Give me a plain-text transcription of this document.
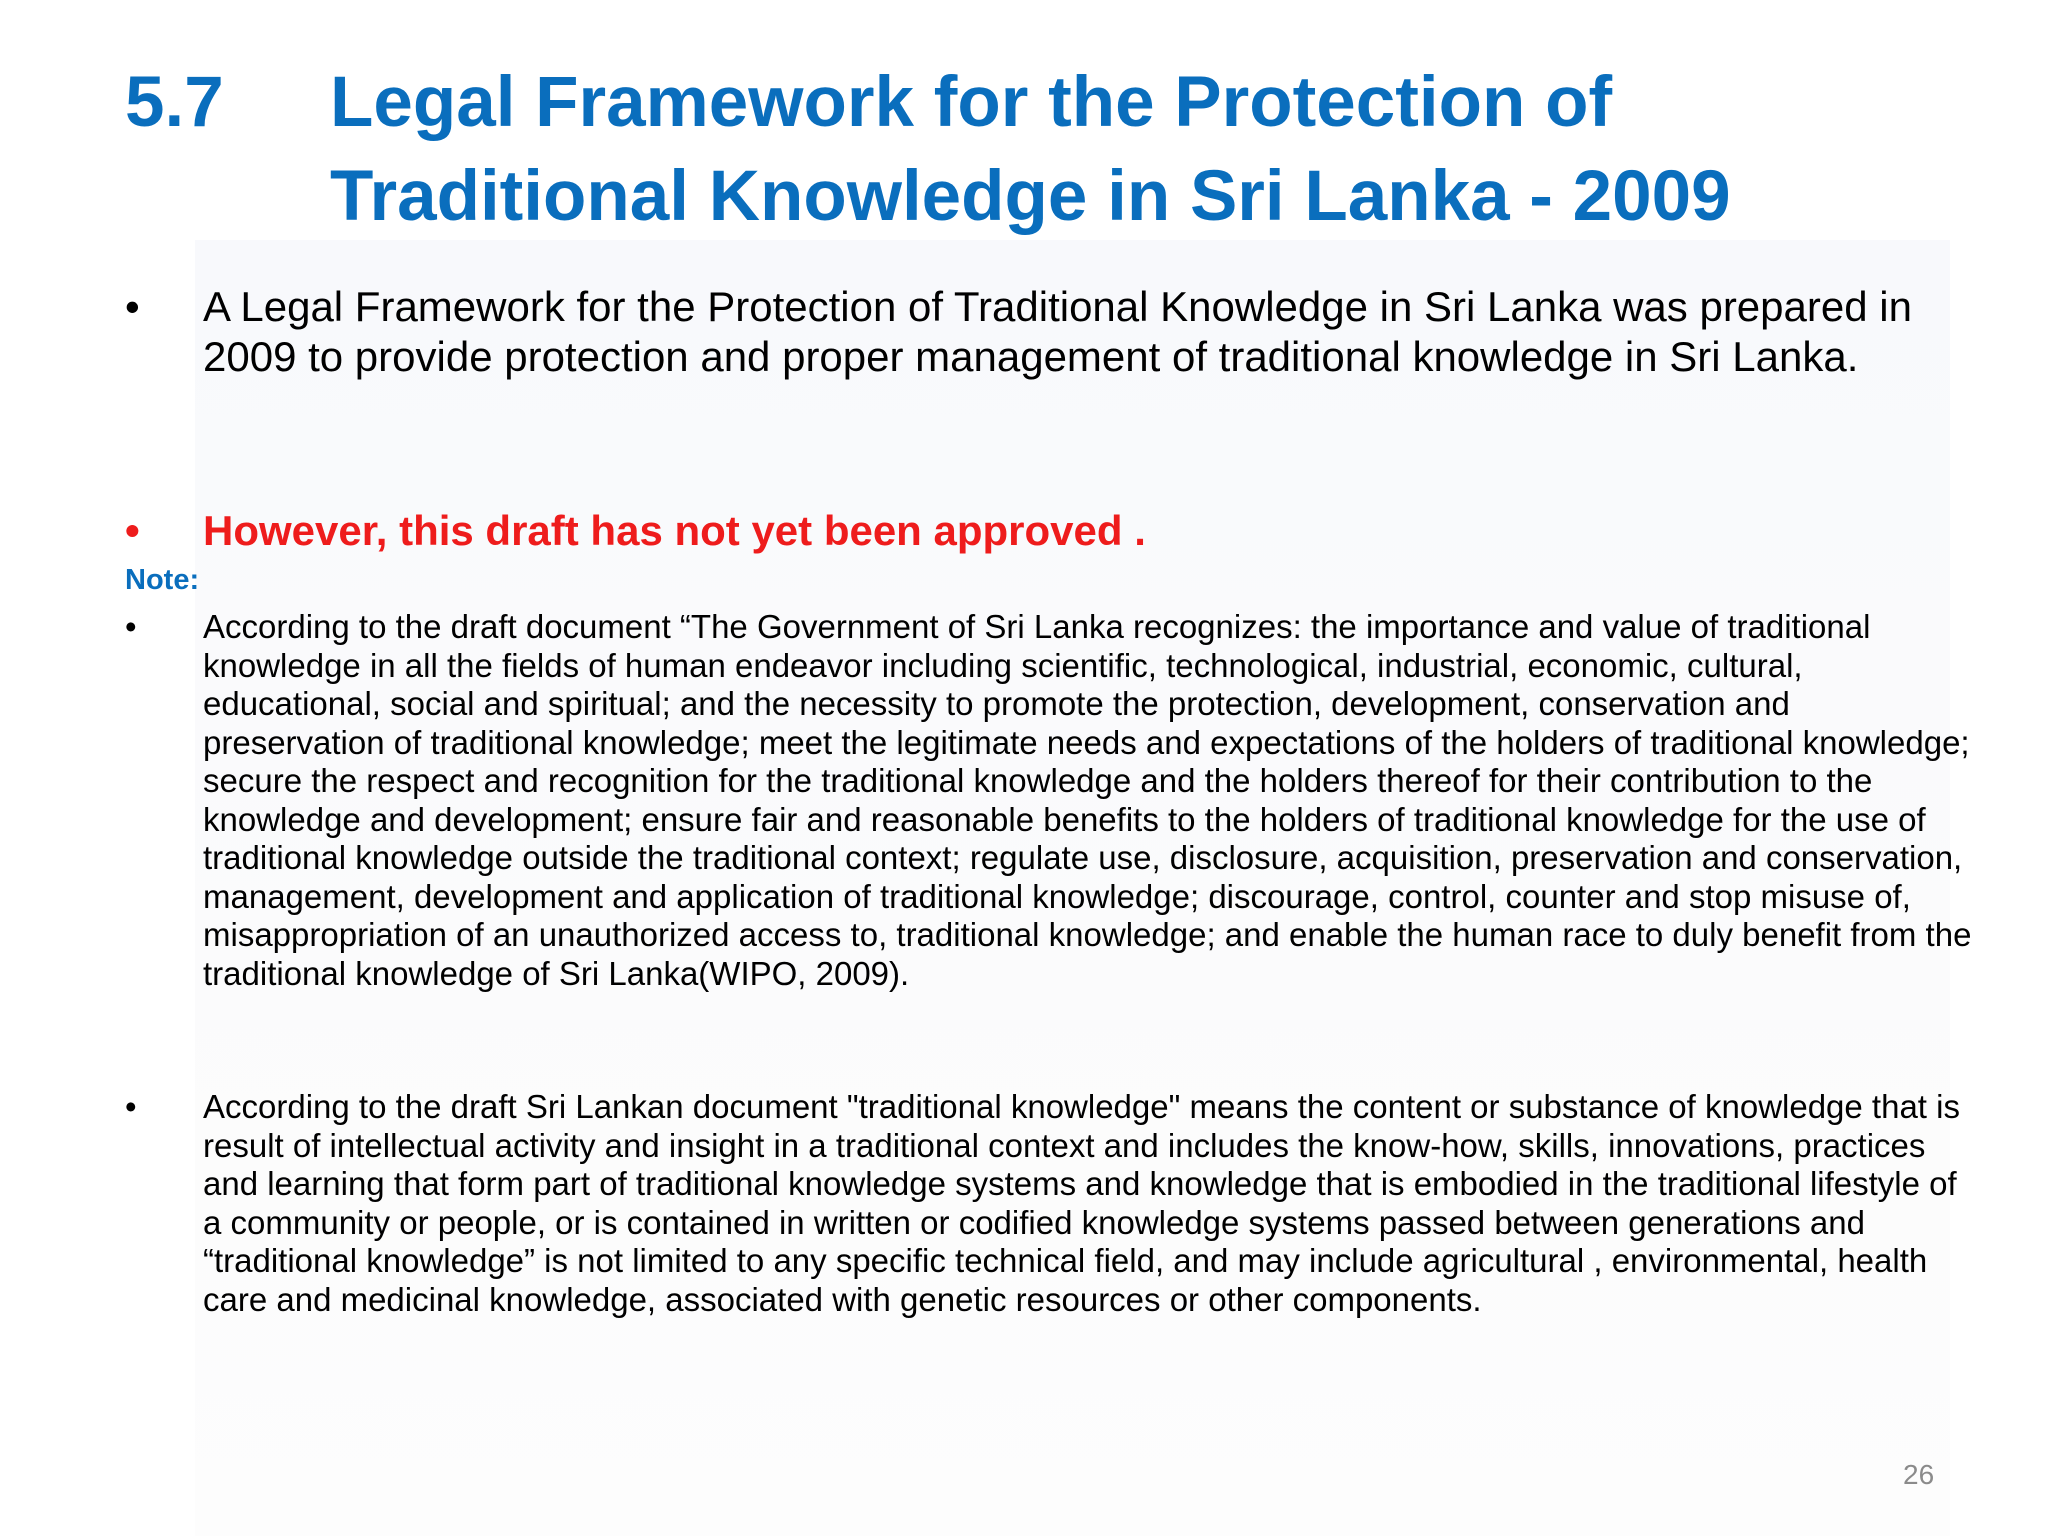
5.7	Legal Framework for the Protection of
Traditional Knowledge in Sri Lanka - 2009
•	A Legal Framework for the Protection of Traditional Knowledge in Sri Lanka was prepared in 2009 to provide protection and proper management of traditional knowledge in Sri Lanka.
•	However, this draft has not yet been approved .
Note:
•	According to the draft document “The Government of Sri Lanka recognizes: the importance and value of traditional knowledge in all the fields of human endeavor including scientific, technological, industrial, economic, cultural, educational, social and spiritual; and the necessity to promote the protection, development, conservation and preservation of traditional knowledge; meet the legitimate needs and expectations of the holders of traditional knowledge; secure the respect and recognition for the traditional knowledge and the holders thereof for their contribution to the knowledge and development; ensure fair and reasonable benefits to the holders of traditional knowledge for the use of traditional knowledge outside the traditional context; regulate use, disclosure, acquisition, preservation and conservation, management, development and application of traditional knowledge; discourage, control, counter and stop misuse of, misappropriation of an unauthorized access to, traditional knowledge; and enable the human race to duly benefit from the traditional knowledge of Sri Lanka(WIPO, 2009).
•	According to the draft Sri Lankan document "traditional knowledge" means the content or substance of knowledge that is result of intellectual activity and insight in a traditional context and includes the know-how, skills, innovations, practices and learning that form part of traditional knowledge systems and knowledge that is embodied in the traditional lifestyle of a community or people, or is contained in written or codified knowledge systems passed between generations and “traditional knowledge” is not limited to any specific technical field, and may include agricultural , environmental, health care and medicinal knowledge, associated with genetic resources or other components.
26
